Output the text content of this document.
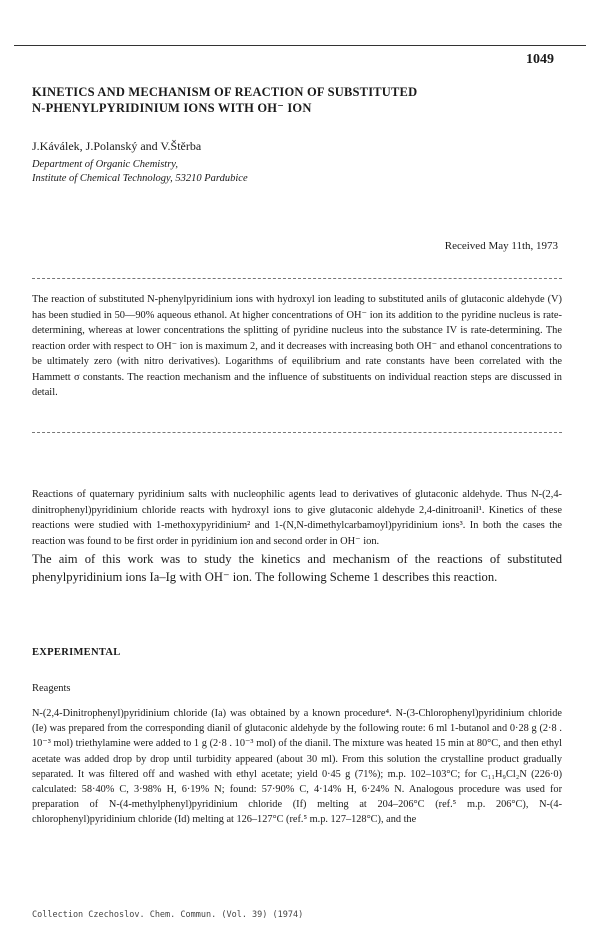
1049
KINETICS AND MECHANISM OF REACTION OF SUBSTITUTED
N-PHENYLPYRIDINIUM IONS WITH OH⁻ ION
J.Káválek, J.Polanský and V.Štěrba
Department of Organic Chemistry,
Institute of Chemical Technology, 53210 Pardubice
Received May 11th, 1973

The reaction of substituted N-phenylpyridinium ions with hydroxyl ion leading to substituted anils of glutaconic aldehyde (V) has been studied in 50—90% aqueous ethanol. At higher concentrations of OH⁻ ion its addition to the pyridine nucleus is rate-determining, whereas at lower concentrations the splitting of pyridine nucleus into the substance IV is rate-determining. The reaction order with respect to OH⁻ ion is maximum 2, and it decreases with increasing both OH⁻ and ethanol concentrations to be ultimately zero (with nitro derivatives). Logarithms of equilibrium and rate constants have been correlated with the Hammett σ constants. The reaction mechanism and the influence of substituents on individual reaction steps are discussed in detail.

Reactions of quaternary pyridinium salts with nucleophilic agents lead to derivatives of glutaconic aldehyde. Thus N-(2,4-dinitrophenyl)pyridinium chloride reacts with hydroxyl ions to give glutaconic aldehyde 2,4-dinitroanil¹. Kinetics of these reactions were studied with 1-methoxypyridinium² and 1-(N,N-dimethylcarbamoyl)pyridinium ions³. In both the cases the reaction was found to be first order in pyridinium ion and second order in OH⁻ ion.

The aim of this work was to study the kinetics and mechanism of the reactions of substituted phenylpyridinium ions Ia–Ig with OH⁻ ion. The following Scheme 1 describes this reaction.

EXPERIMENTAL
Reagents

N-(2,4-Dinitrophenyl)pyridinium chloride (Ia) was obtained by a known procedure⁴. N-(3-Chlorophenyl)pyridinium chloride (Ie) was prepared from the corresponding dianil of glutaconic aldehyde by the following route: 6 ml 1-butanol and 0·28 g (2·8 . 10⁻³ mol) triethylamine were added to 1 g (2·8 . 10⁻³ mol) of the dianil. The mixture was heated 15 min at 80°C, and then ethyl acetate was added drop by drop until turbidity appeared (about 30 ml). From this solution the crystalline product gradually separated. It was filtered off and washed with ethyl acetate; yield 0·45 g (71%); m.p. 102–103°C; for C₁₁H₉Cl₂N (226·0) calculated: 58·40% C, 3·98% H, 6·19% N; found: 57·90% C, 4·14% H, 6·24% N. Analogous procedure was used for preparation of N-(4-methylphenyl)pyridinium chloride (If) melting at 204–206°C (ref.⁵ m.p. 206°C), N-(4-chlorophenyl)pyridinium chloride (Id) melting at 126–127°C (ref.⁵ m.p. 127–128°C), and the

Collection Czechoslov. Chem. Commun. (Vol. 39) (1974)
